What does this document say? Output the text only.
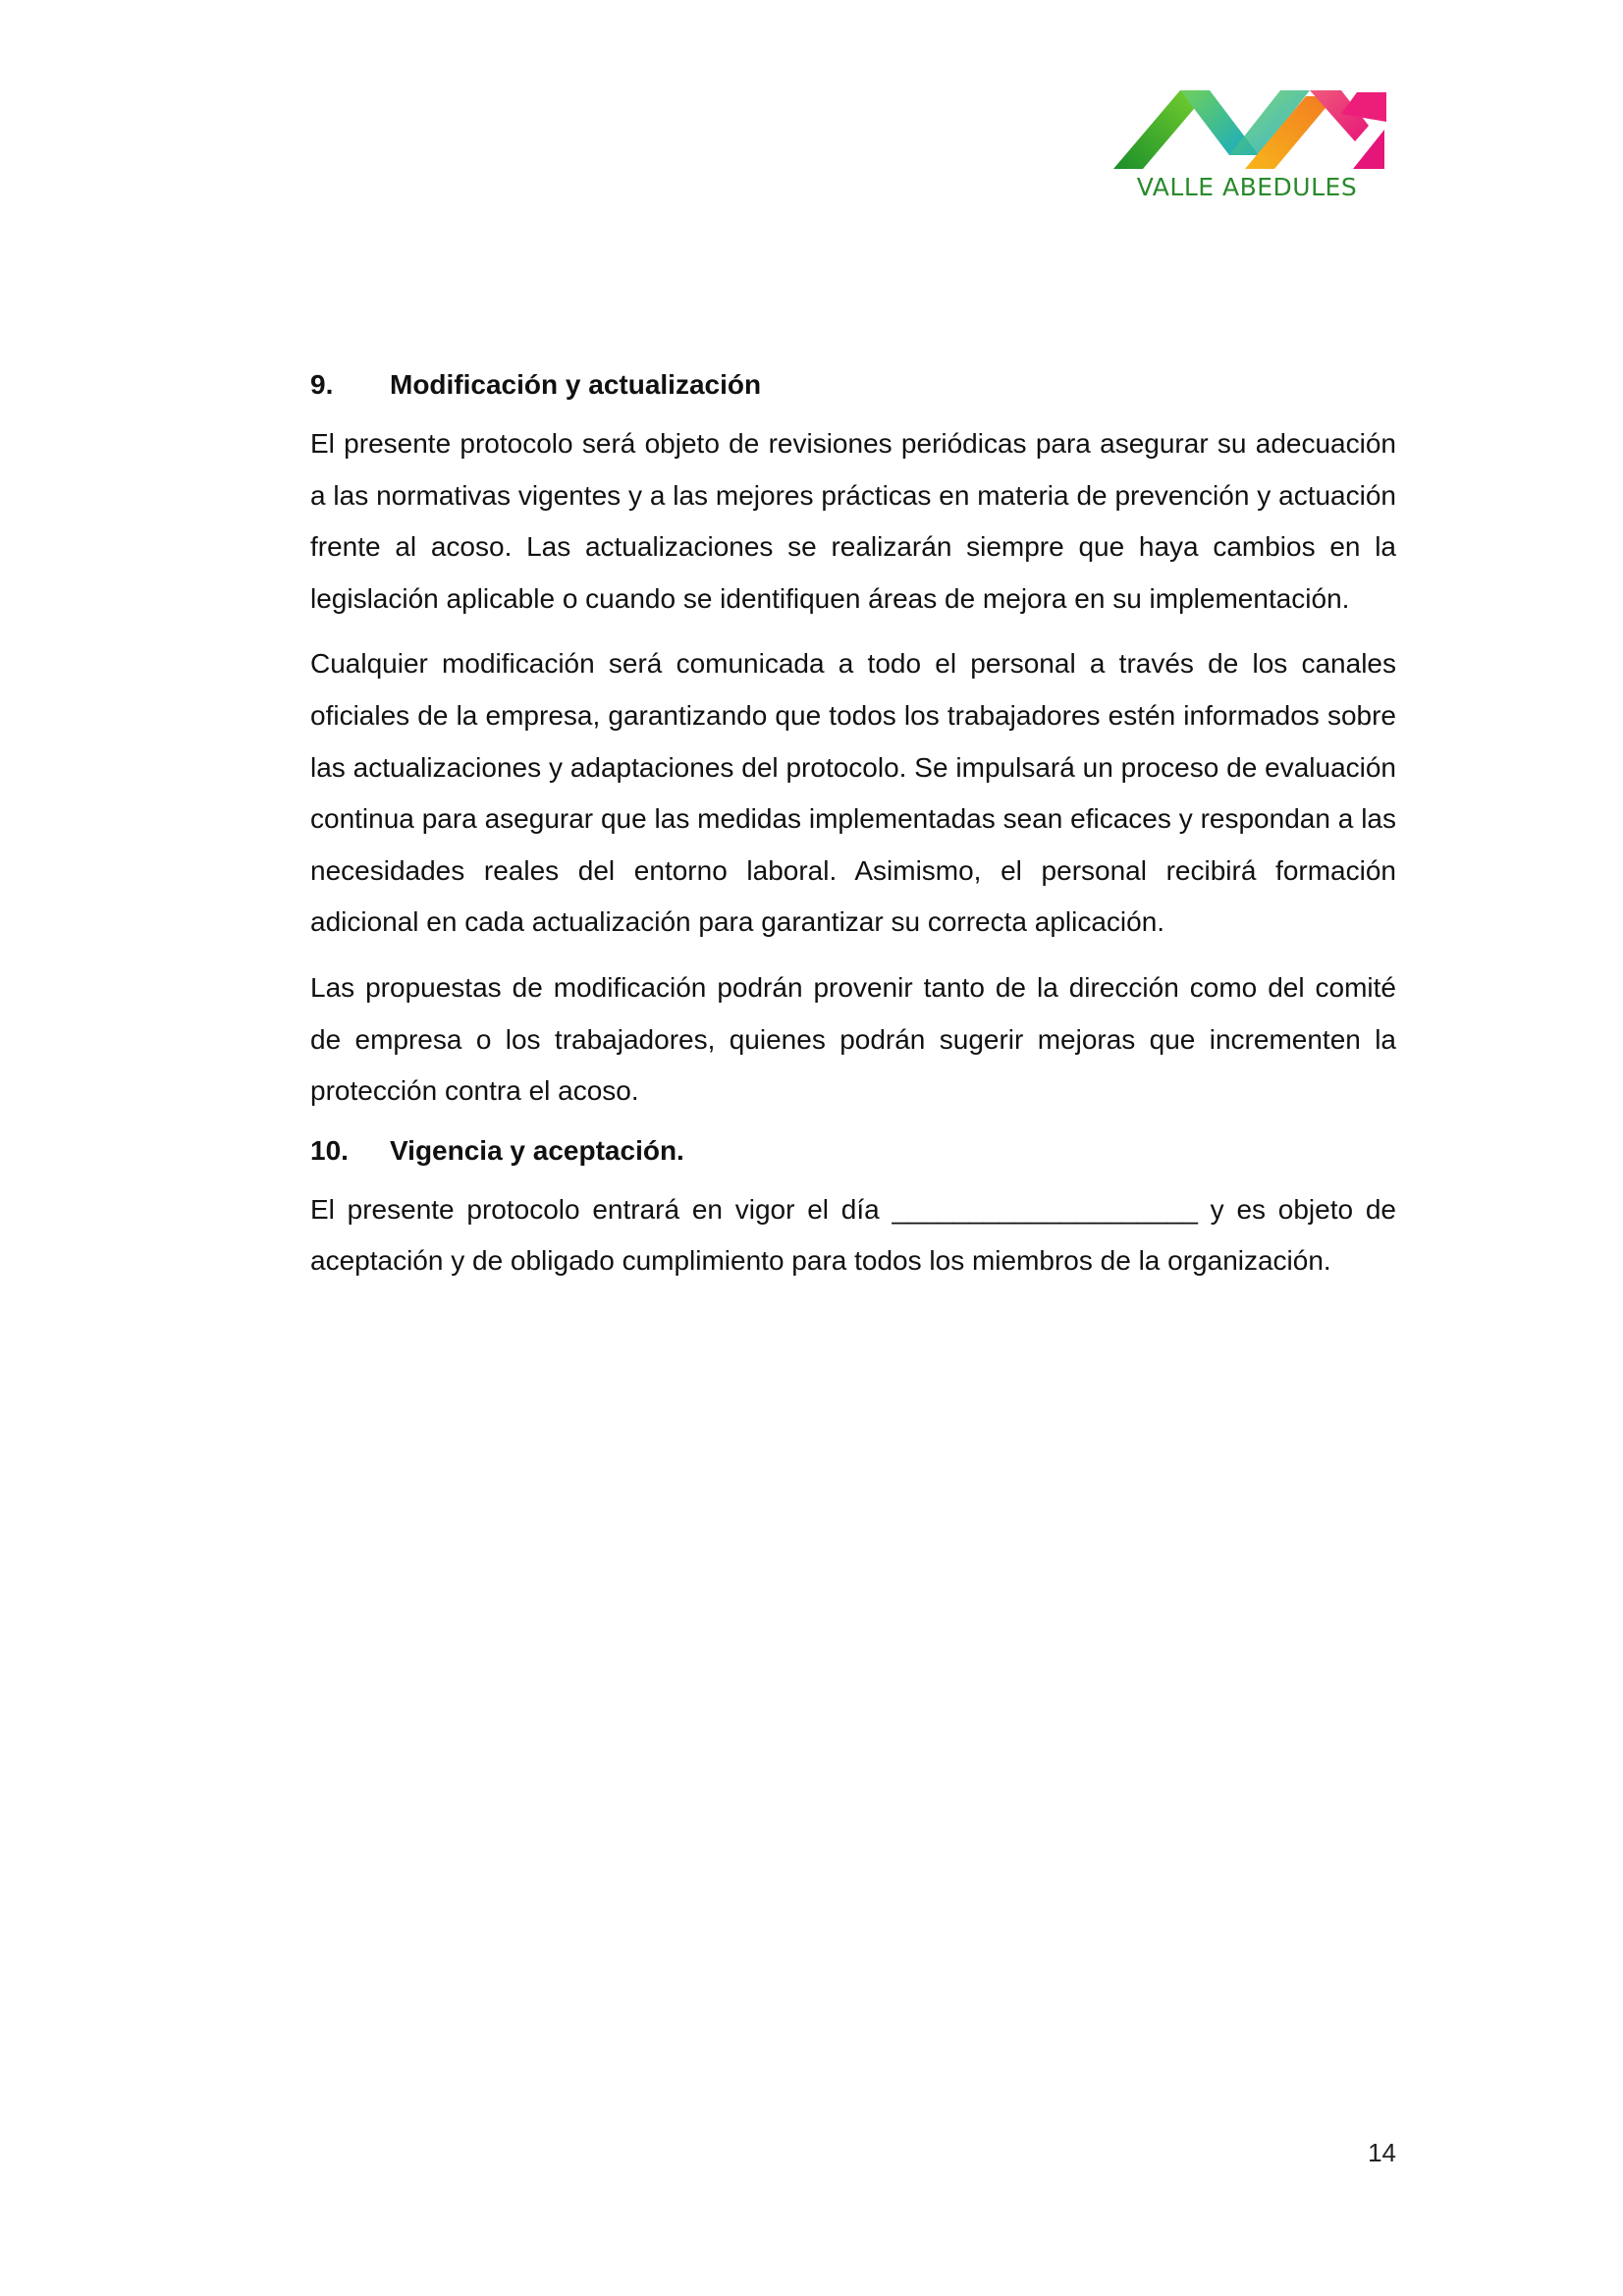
VALLE ABEDULES
9.	Modificación y actualización

El presente protocolo será objeto de revisiones periódicas para asegurar su adecuación a las normativas vigentes y a las mejores prácticas en materia de prevención y actuación frente al acoso. Las actualizaciones se realizarán siempre que haya cambios en la legislación aplicable o cuando se identifiquen áreas de mejora en su implementación.

Cualquier modificación será comunicada a todo el personal a través de los canales oficiales de la empresa, garantizando que todos los trabajadores estén informados sobre las actualizaciones y adaptaciones del protocolo. Se impulsará un proceso de evaluación continua para asegurar que las medidas implementadas sean eficaces y respondan a las necesidades reales del entorno laboral. Asimismo, el personal recibirá formación adicional en cada actualización para garantizar su correcta aplicación.

Las propuestas de modificación podrán provenir tanto de la dirección como del comité de empresa o los trabajadores, quienes podrán sugerir mejoras que incrementen la protección contra el acoso.

10.	Vigencia y aceptación.

El presente protocolo entrará en vigor el día ____________________ y es objeto de aceptación y de obligado cumplimiento para todos los miembros de la organización.

14
